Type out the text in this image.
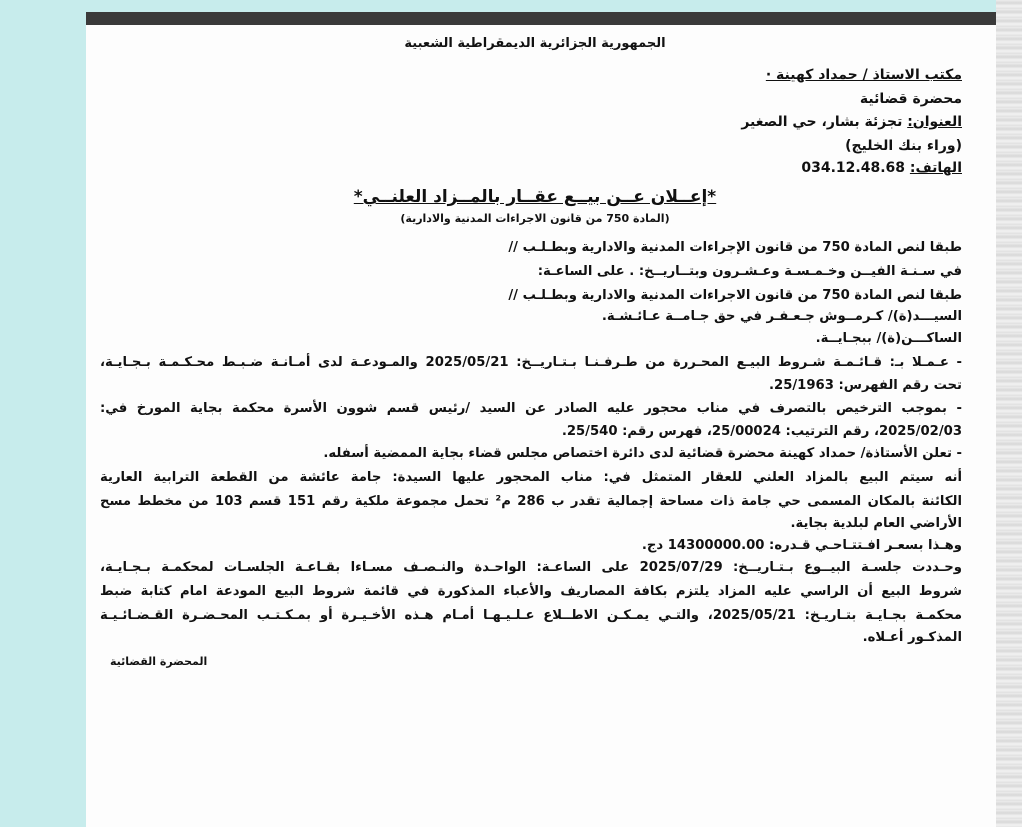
الجمهورية الجزائرية الديمقراطية الشعبية
مكتب الاستاذ / حمداد كهينة ·
محضرة قضائية
العنوان: تجزئة بشار، حي الصغير
(وراء بنك الخليج)
الهاتف: 034.12.48.68
*إعــلان عــن بيــع عقــار بالمــزاد العلنــي*
(المادة 750 من قانون الاجراءات المدنية والادارية)
طبقا لنص المادة 750 من قانون الإجراءات المدنية والادارية وبطـلـب //
في سـنـة الفيــن وخـمـسـة وعـشـرون وبتــاريــخ: . على الساعـة:
طبقا لنص المادة 750 من قانون الاجراءات المدنية والادارية وبطـلـب //
السيـــد(ة)/ كـرمــوش جـعـفـر في حق جـامــة عـائـشـة.
الساكـــن(ة)/ ببجـايــة.
- عـمـلا بـ: قـائـمـة شـروط البيـع المحـررة من طـرفـنـا بـتـاريــخ: 2025/05/21 والمـودعـة لدى أمـانـة ضـبـط محـكـمـة بـجـايـة،
تحت رقم الفهرس: 25/1963.
- بموجب الترخيص بالتصرف في مناب محجور عليه الصادر عن السيد /رئيس قسم شوون الأسرة محكمة بجاية المورخ في:
2025/02/03، رقم الترتيب: 25/00024، فهرس رقم: 25/540.
- تعلن الأستاذة/ حمداد كهينة محضرة قضائية لدى دائرة اختصاص مجلس قضاء بجاية الممضية أسفله.
أنه سيتم البيع بالمزاد العلني للعقار المتمثل في: مناب المحجور عليها السيدة: جامة عائشة من القطعة الترابية العارية
الكائنة بالمكان المسمى حي جامة ذات مساحة إجمالية تقدر ب 286 م² تحمل مجموعة ملكية رقم 151 قسم 103 من مخطط مسح
الأراضي العام لبلدية بجاية.
وهـذا بسعـر افـتتـاحـي قـدره: 14300000.00 دج.
وحـددت جلسـة البيــوع بـتـاريــخ: 2025/07/29 على الساعـة: الواحـدة والنـصـف مسـاءا بقـاعـة الجلسـات لمحكمـة بـجـايـة،
شروط البيع أن الراسي عليه المزاد يلتزم بكافة المصاريف والأعباء المذكورة في قائمة شروط البيع المودعة امام كتابة ضبط
محكمـة بجـايـة بتـاريـخ: 2025/05/21، والتـي يمـكـن الاطــلاع عـلـيـهـا أمـام هـذه الأخـيـرة أو بمـكـتـب المحـضـرة القـضـائـيـة
المذكـور أعـلاه.
المحضرة القضائية
